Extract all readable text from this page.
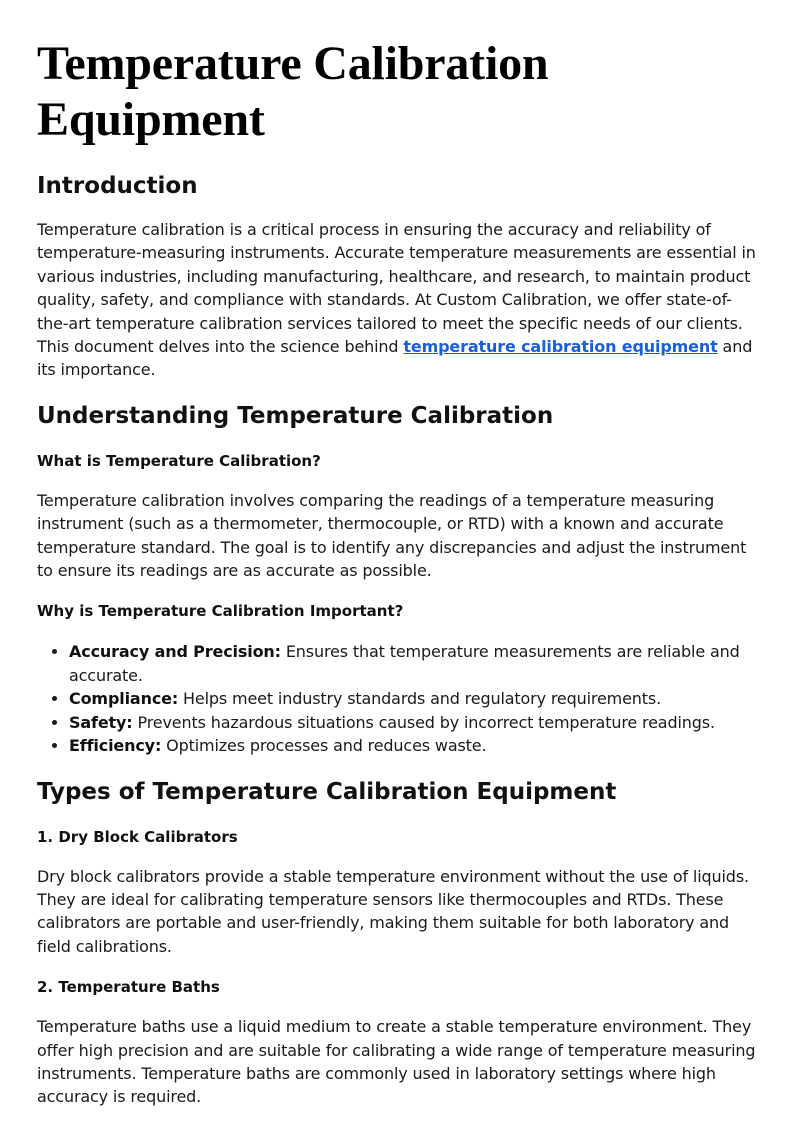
Temperature Calibration Equipment
Introduction

Temperature calibration is a critical process in ensuring the accuracy and reliability of temperature-measuring instruments. Accurate temperature measurements are essential in various industries, including manufacturing, healthcare, and research, to maintain product quality, safety, and compliance with standards. At Custom Calibration, we offer state-of-the-art temperature calibration services tailored to meet the specific needs of our clients. This document delves into the science behind temperature calibration equipment and its importance.

Understanding Temperature Calibration
What is Temperature Calibration?

Temperature calibration involves comparing the readings of a temperature measuring instrument (such as a thermometer, thermocouple, or RTD) with a known and accurate temperature standard. The goal is to identify any discrepancies and adjust the instrument to ensure its readings are as accurate as possible.

Why is Temperature Calibration Important?
• Accuracy and Precision: Ensures that temperature measurements are reliable and accurate.
• Compliance: Helps meet industry standards and regulatory requirements.
• Safety: Prevents hazardous situations caused by incorrect temperature readings.
• Efficiency: Optimizes processes and reduces waste.
Types of Temperature Calibration Equipment
1. Dry Block Calibrators

Dry block calibrators provide a stable temperature environment without the use of liquids. They are ideal for calibrating temperature sensors like thermocouples and RTDs. These calibrators are portable and user-friendly, making them suitable for both laboratory and field calibrations.

2. Temperature Baths

Temperature baths use a liquid medium to create a stable temperature environment. They offer high precision and are suitable for calibrating a wide range of temperature measuring instruments. Temperature baths are commonly used in laboratory settings where high accuracy is required.
